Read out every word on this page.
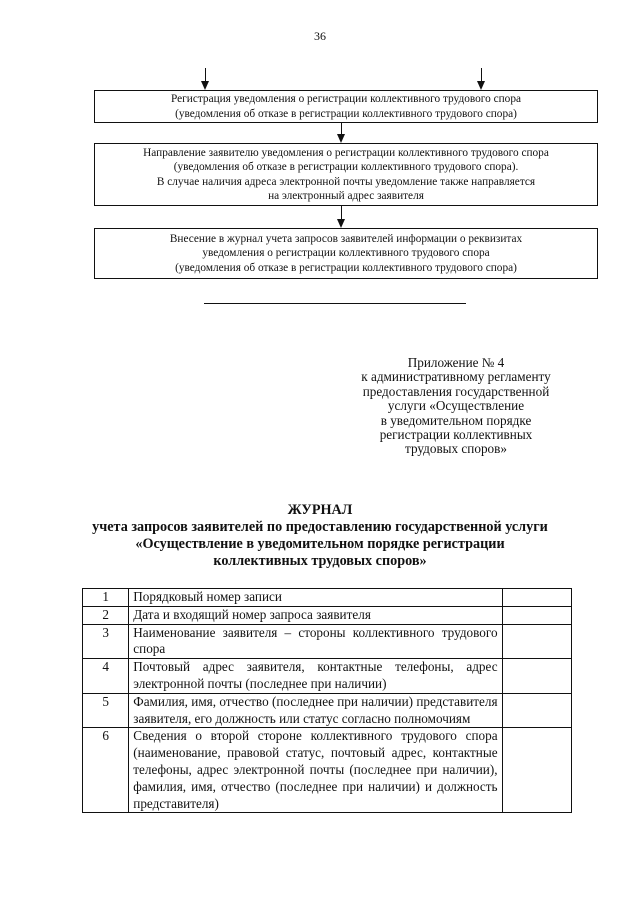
36
Регистрация уведомления о регистрации коллективного трудового спора
(уведомления об отказе в регистрации коллективного трудового спора)
Направление заявителю уведомления о регистрации коллективного трудового спора
(уведомления об отказе в регистрации коллективного трудового спора).
В случае наличия адреса электронной почты уведомление также направляется
на электронный адрес заявителя
Внесение в журнал учета запросов заявителей информации о реквизитах
уведомления о регистрации коллективного трудового спора
(уведомления об отказе в регистрации коллективного трудового спора)
Приложение № 4
к административному регламенту
предоставления государственной
услуги «Осуществление
в уведомительном порядке
регистрации коллективных
трудовых споров»
ЖУРНАЛ
учета запросов заявителей по предоставлению государственной услуги
«Осуществление в уведомительном порядке регистрации
коллективных трудовых споров»
1	Порядковый номер записи	
2	Дата и входящий номер запроса заявителя	
3	Наименование заявителя – стороны коллективного трудового спора	
4	Почтовый адрес заявителя, контактные телефоны, адрес электронной почты (последнее при наличии)	
5	Фамилия, имя, отчество (последнее при наличии) представителя заявителя, его должность или статус согласно полномочиям	
6	Сведения о второй стороне коллективного трудового спора (наименование, правовой статус, почтовый адрес, контактные телефоны, адрес электронной почты (последнее при наличии), фамилия, имя, отчество (последнее при наличии) и должность представителя)	
